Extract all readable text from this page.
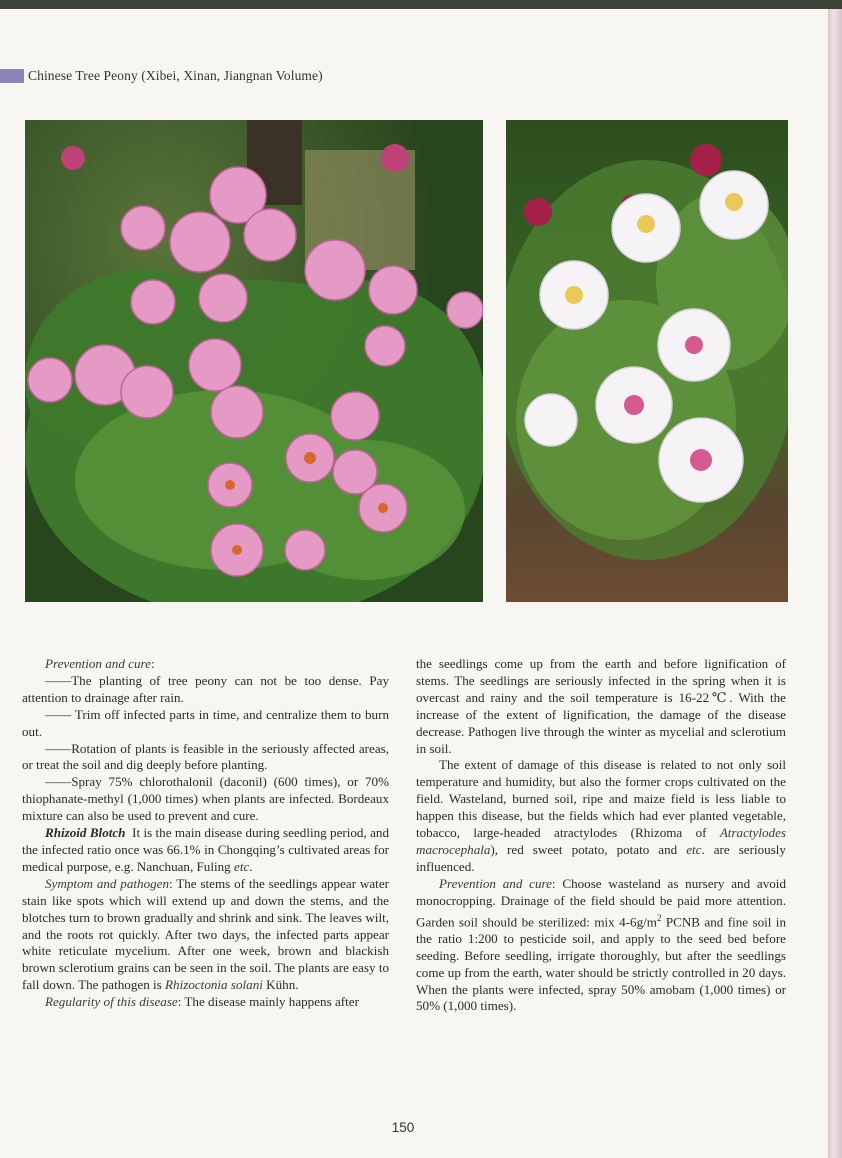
Chinese Tree Peony (Xibei, Xinan, Jiangnan Volume)

Prevention and cure:

——The planting of tree peony can not be too dense. Pay attention to drainage after rain.

—— Trim off infected parts in time, and centralize them to burn out.

——Rotation of plants is feasible in the seriously affected areas, or treat the soil and dig deeply before planting.

——Spray 75% chlorothalonil (daconil) (600 times), or 70% thiophanate-methyl (1,000 times) when plants are infected. Bordeaux mixture can also be used to prevent and cure.

Rhizoid Blotch It is the main disease during seedling period, and the infected ratio once was 66.1% in Chongqing’s cultivated areas for medical purpose, e.g. Nanchuan, Fuling etc.

Symptom and pathogen: The stems of the seedlings appear water stain like spots which will extend up and down the stems, and the blotches turn to brown gradually and shrink and sink. The leaves wilt, and the roots rot quickly. After two days, the infected parts appear white reticulate mycelium. After one week, brown and blackish brown sclerotium grains can be seen in the soil. The plants are easy to fall down. The pathogen is Rhizoctonia solani Kühn.

Regularity of this disease: The disease mainly happens after

the seedlings come up from the earth and before lignification of stems. The seedlings are seriously infected in the spring when it is overcast and rainy and the soil temperature is 16-22℃. With the increase of the extent of lignification, the damage of the disease decrease. Pathogen live through the winter as mycelial and sclerotium in soil.

The extent of damage of this disease is related to not only soil temperature and humidity, but also the former crops cultivated on the field. Wasteland, burned soil, ripe and maize field is less liable to happen this disease, but the fields which had ever planted vegetable, tobacco, large-headed atractylodes (Rhizoma of Atractylodes macrocephala), red sweet potato, potato and etc. are seriously influenced.

Prevention and cure: Choose wasteland as nursery and avoid monocropping. Drainage of the field should be paid more attention. Garden soil should be sterilized: mix $4-6g/m^2$ PCNB and fine soil in the ratio 1:200 to pesticide soil, and apply to the seed bed before seeding. Before seedling, irrigate thoroughly, but after the seedlings come up from the earth, water should be strictly controlled in 20 days. When the plants were infected, spray 50% amobam (1,000 times) or 50% (1,000 times).

150
